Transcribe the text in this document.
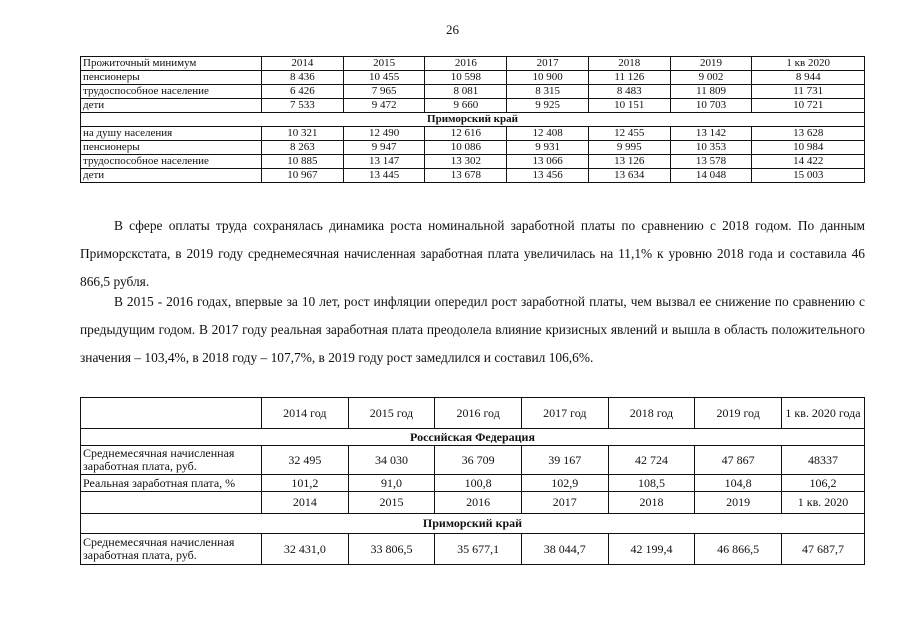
26
Прожиточный минимум	2014	2015	2016	2017	2018	2019	1 кв 2020
пенсионеры	8 436	10 455	10 598	10 900	11 126	9 002	8 944
трудоспособное население	6 426	7 965	8 081	8 315	8 483	11 809	11 731
дети	7 533	9 472	9 660	9 925	10 151	10 703	10 721
Приморский край							
на душу населения	10 321	12 490	12 616	12 408	12 455	13 142	13 628
пенсионеры	8 263	9 947	10 086	9 931	9 995	10 353	10 984
трудоспособное население	10 885	13 147	13 302	13 066	13 126	13 578	14 422
дети	10 967	13 445	13 678	13 456	13 634	14 048	15 003

В сфере оплаты труда сохранялась динамика роста номинальной заработной платы по сравнению с 2018 годом. По данным Приморскстата, в 2019 году среднемесячная начисленная заработная плата увеличилась на 11,1% к уровню 2018 года и составила 46 866,5 рубля.

В 2015 - 2016 годах, впервые за 10 лет, рост инфляции опередил рост заработной платы, чем вызвал ее снижение по сравнению с предыдущим годом. В 2017 году реальная заработная плата преодолела влияние кризисных явлений и вышла в область положительного значения – 103,4%, в 2018 году – 107,7%, в 2019 году рост замедлился и составил 106,6%.

	2014 год	2015 год	2016 год	2017 год	2018 год	2019 год	1 кв. 2020 года
Российская Федерация							
Среднемесячная начисленная заработная плата, руб.	32 495	34 030	36 709	39 167	42 724	47 867	48337
Реальная заработная плата, %	101,2	91,0	100,8	102,9	108,5	104,8	106,2
	2014	2015	2016	2017	2018	2019	1 кв. 2020
Приморский край							
Среднемесячная начисленная заработная плата, руб.	32 431,0	33 806,5	35 677,1	38 044,7	42 199,4	46 866,5	47 687,7
